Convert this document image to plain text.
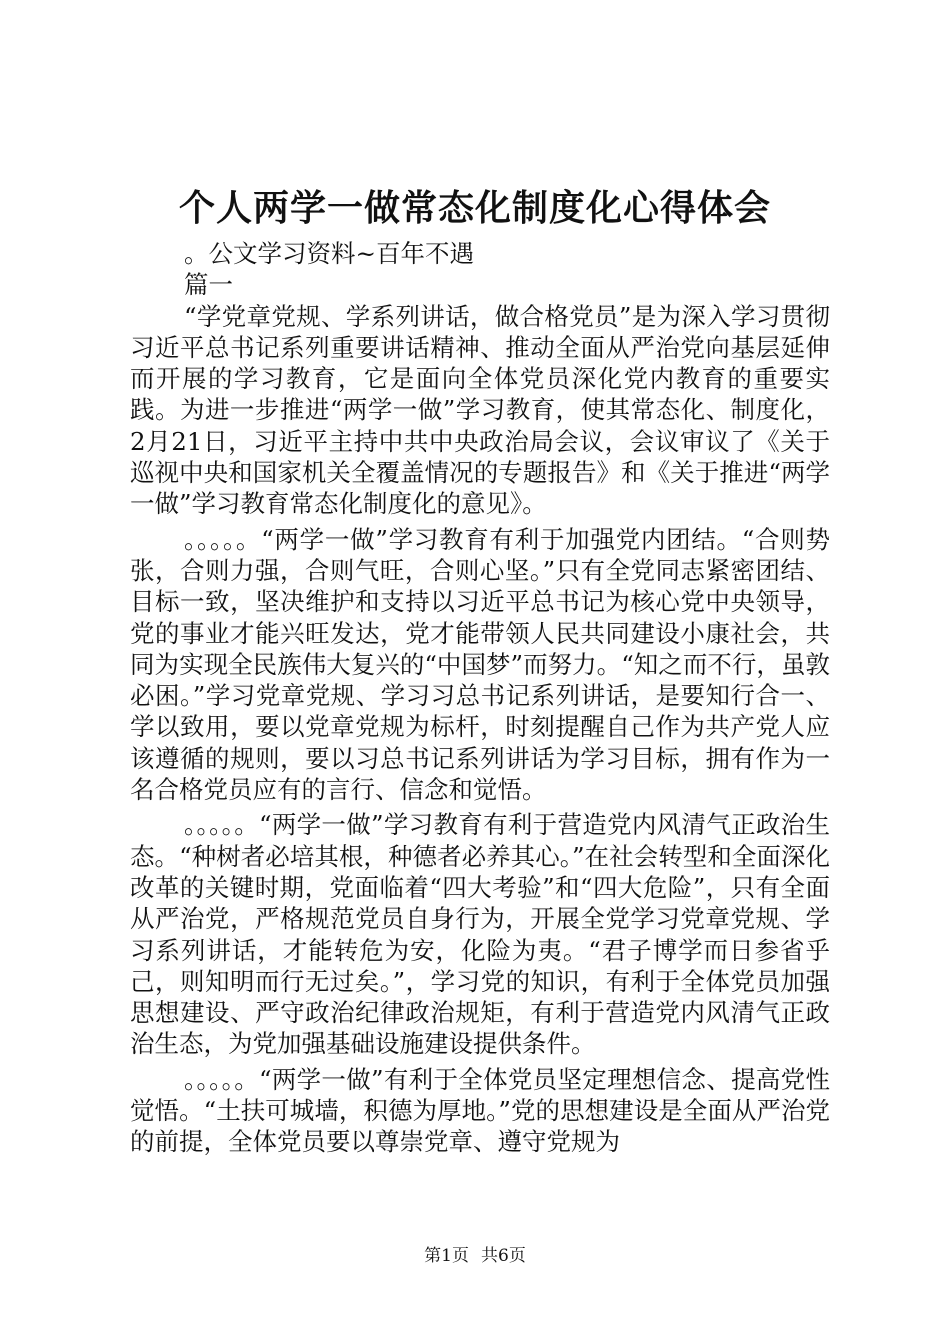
个人两学一做常态化制度化心得体会

。公文学习资料~百年不遇

篇一

“学党章党规、学系列讲话，做合格党员”是为深入学习贯彻习近平总书记系列重要讲话精神、推动全面从严治党向基层延伸而开展的学习教育，它是面向全体党员深化党内教育的重要实践。为进一步推进“两学一做”学习教育，使其常态化、制度化，2月21日，习近平主持中共中央政治局会议，会议审议了《关于巡视中央和国家机关全覆盖情况的专题报告》和《关于推进“两学一做”学习教育常态化制度化的意见》。

。。。。。“两学一做”学习教育有利于加强党内团结。“合则势张，合则力强，合则气旺，合则心坚。”只有全党同志紧密团结、目标一致，坚决维护和支持以习近平总书记为核心党中央领导，党的事业才能兴旺发达，党才能带领人民共同建设小康社会，共同为实现全民族伟大复兴的“中国梦”而努力。“知之而不行，虽敦必困。”学习党章党规、学习习总书记系列讲话，是要知行合一、学以致用，要以党章党规为标杆，时刻提醒自己作为共产党人应该遵循的规则，要以习总书记系列讲话为学习目标，拥有作为一名合格党员应有的言行、信念和觉悟。

。。。。。“两学一做”学习教育有利于营造党内风清气正政治生态。“种树者必培其根，种德者必养其心。”在社会转型和全面深化改革的关键时期，党面临着“四大考验”和“四大危险”，只有全面从严治党，严格规范党员自身行为，开展全党学习党章党规、学习系列讲话，才能转危为安，化险为夷。“君子博学而日参省乎己，则知明而行无过矣。”，学习党的知识，有利于全体党员加强思想建设、严守政治纪律政治规矩，有利于营造党内风清气正政治生态，为党加强基础设施建设提供条件。

。。。。。“两学一做”有利于全体党员坚定理想信念、提高党性觉悟。“土扶可城墙，积德为厚地。”党的思想建设是全面从严治党的前提，全体党员要以尊崇党章、遵守党规为

第1页 共6页
